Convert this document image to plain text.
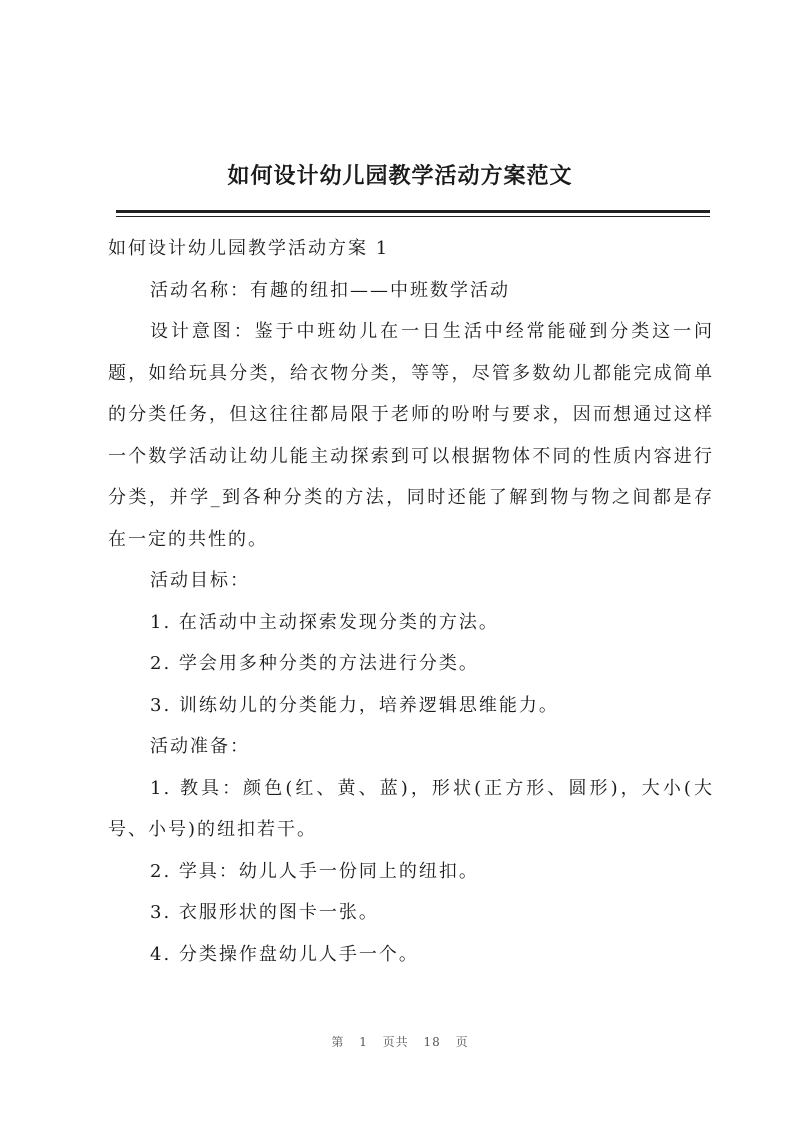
如何设计幼儿园教学活动方案范文

如何设计幼儿园教学活动方案 1

活动名称：有趣的纽扣——中班数学活动

设计意图：鉴于中班幼儿在一日生活中经常能碰到分类这一问题，如给玩具分类，给衣物分类，等等，尽管多数幼儿都能完成简单的分类任务，但这往往都局限于老师的吩咐与要求，因而想通过这样一个数学活动让幼儿能主动探索到可以根据物体不同的性质内容进行分类，并学_到各种分类的方法，同时还能了解到物与物之间都是存在一定的共性的。

活动目标：

1. 在活动中主动探索发现分类的方法。

2. 学会用多种分类的方法进行分类。

3. 训练幼儿的分类能力，培养逻辑思维能力。

活动准备：

1. 教具：颜色(红、黄、蓝)，形状(正方形、圆形)，大小(大号、小号)的纽扣若干。

2. 学具：幼儿人手一份同上的纽扣。

3. 衣服形状的图卡一张。

4. 分类操作盘幼儿人手一个。

第 1 页共 18 页
